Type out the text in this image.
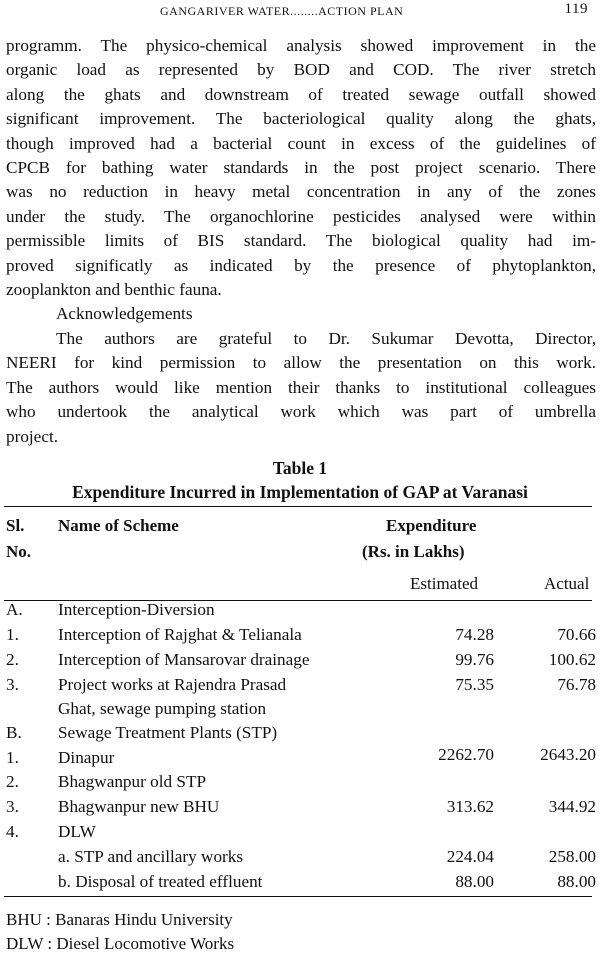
GANGARIVER WATER........ACTION PLAN	119
programm. The physico-chemical analysis showed improvement in the
organic load as represented by BOD and COD. The river stretch
along the ghats and downstream of treated sewage outfall showed
significant improvement. The bacteriological quality along the ghats,
though improved had a bacterial count in excess of the guidelines of
CPCB for bathing water standards in the post project scenario. There
was no reduction in heavy metal concentration in any of the zones
under the study. The organochlorine pesticides analysed were within
permissible limits of BIS standard. The biological quality had im-
proved significatly as indicated by the presence of phytoplankton,
zooplankton and benthic fauna.
Acknowledgements
The authors are grateful to Dr. Sukumar Devotta, Director,
NEERI for kind permission to allow the presentation on this work.
The authors would like mention their thanks to institutional colleagues
who undertook the analytical work which was part of umbrella
project.
Table 1
Expenditure Incurred in Implementation of GAP at Varanasi
Sl.
No.
Name of Scheme	Expenditure
(Rs. in Lakhs)
Estimated	Actual
A. Interception-Diversion
1. Interception of Rajghat & Telianala	74.28	70.66
2. Interception of Mansarovar drainage	99.76	100.62
3. Project works at Rajendra Prasad
Ghat, sewage pumping station
75.35	76.78
B. Sewage Treatment Plants (STP)
1. Dinapur	2262.70	2643.20
2. Bhagwanpur old STP
3. Bhagwanpur new BHU	313.62	344.92
4. DLW
a. STP and ancillary works	224.04	258.00
b. Disposal of treated effluent	88.00	88.00
BHU : Banaras Hindu University
DLW : Diesel Locomotive Works
